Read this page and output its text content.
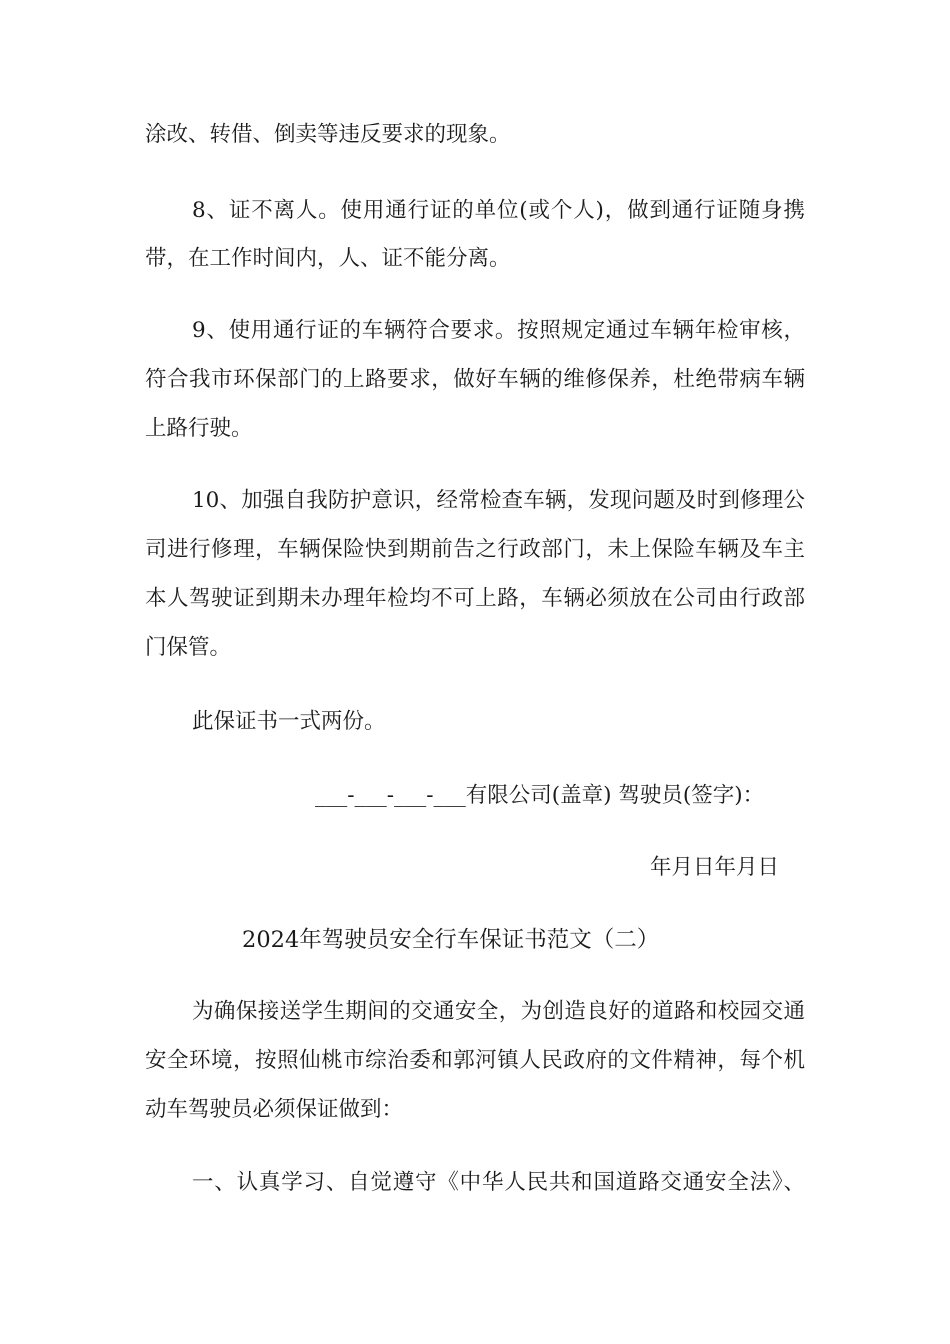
涂改、转借、倒卖等违反要求的现象。
8、证不离人。使用通行证的单位(或个人)，做到通行证随身携
带，在工作时间内，人、证不能分离。
9、使用通行证的车辆符合要求。按照规定通过车辆年检审核，
符合我市环保部门的上路要求，做好车辆的维修保养，杜绝带病车辆
上路行驶。
10、加强自我防护意识，经常检查车辆，发现问题及时到修理公
司进行修理，车辆保险快到期前告之行政部门，未上保险车辆及车主
本人驾驶证到期未办理年检均不可上路，车辆必须放在公司由行政部
门保管。
此保证书一式两份。
___-___-___-___有限公司(盖章) 驾驶员(签字)：
年月日年月日
2024年驾驶员安全行车保证书范文（二）
为确保接送学生期间的交通安全，为创造良好的道路和校园交通
安全环境，按照仙桃市综治委和郭河镇人民政府的文件精神，每个机
动车驾驶员必须保证做到：
一、认真学习、自觉遵守《中华人民共和国道路交通安全法》、
